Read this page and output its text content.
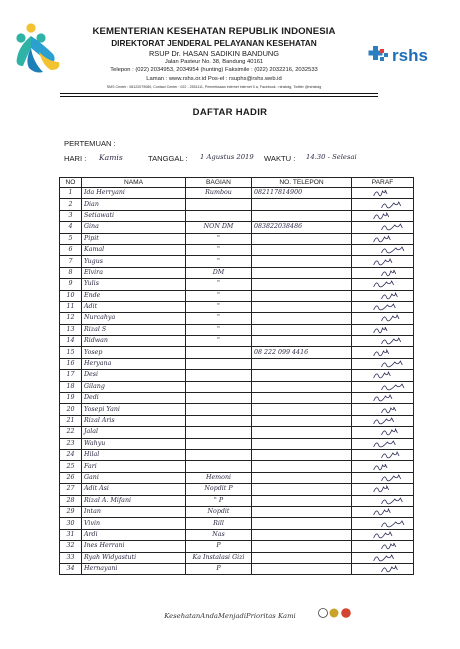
KEMENTERIAN KESEHATAN REPUBLIK INDONESIA
DIREKTORAT JENDERAL PELAYANAN KESEHATAN
RSUP Dr. HASAN SADIKIN BANDUNG
Jalan Pasteur No. 38, Bandung 40161
Telepon : (022) 2034953, 2034954 (hunting) Faksimile : (022) 2032216, 2032533
Laman : www.rshs.or.id Pos-el : rsuphs@rshs.web.id
SMS Center : 08122079080, Contact Center : 022 - 2551111, Pemeriksaan internet internet 0 a, Facebook : rshsbdg, Twitter @rshsbdg
rshs
DAFTAR HADIR
PERTEMUAN :
HARI : Kamis	TANGGAL : 1 Agustus 2019 WAKTU : 14.30 - Selesai
NO	NAMA	BAGIAN	NO. TELEPON	PARAF
1	Ida Herryani	Rumbou	082117814900	

2	Dian			

3	Setiawati			

4	Gina	NON DM	083822038486	

5	Pipit	"		

6	Kamal	"		

7	Yugus	"		

8	Elvira	DM		

9	Yulis	"		

10	Ende	"		

11	Adit	"		

12	Nurcahya	"		

13	Rizal S	"		

14	Ridwan	"		

15	Yosep		08 222 099 4416	

16	Heryana			

17	Desi			

18	Gilang			

19	Dedi			

20	Yosepi Yani			

21	Rizal Aris			

22	Jalal			

23	Wahyu			

24	Hilal			

25	Fari			

26	Gani	Hemoni		

27	Adit Asi	Nopdit P		

28	Rizal A. Mifani	" P		

29	Intan	Nopdit		

30	Vivin	Rill		

31	Ardi	Nas		

32	Ines Herrani	P		

33	Ryah Widyastuti	Ka Instalasi Gizi		

34	Hernayani	P		
KesehatanAndaMenjadiPrioritas Kami
